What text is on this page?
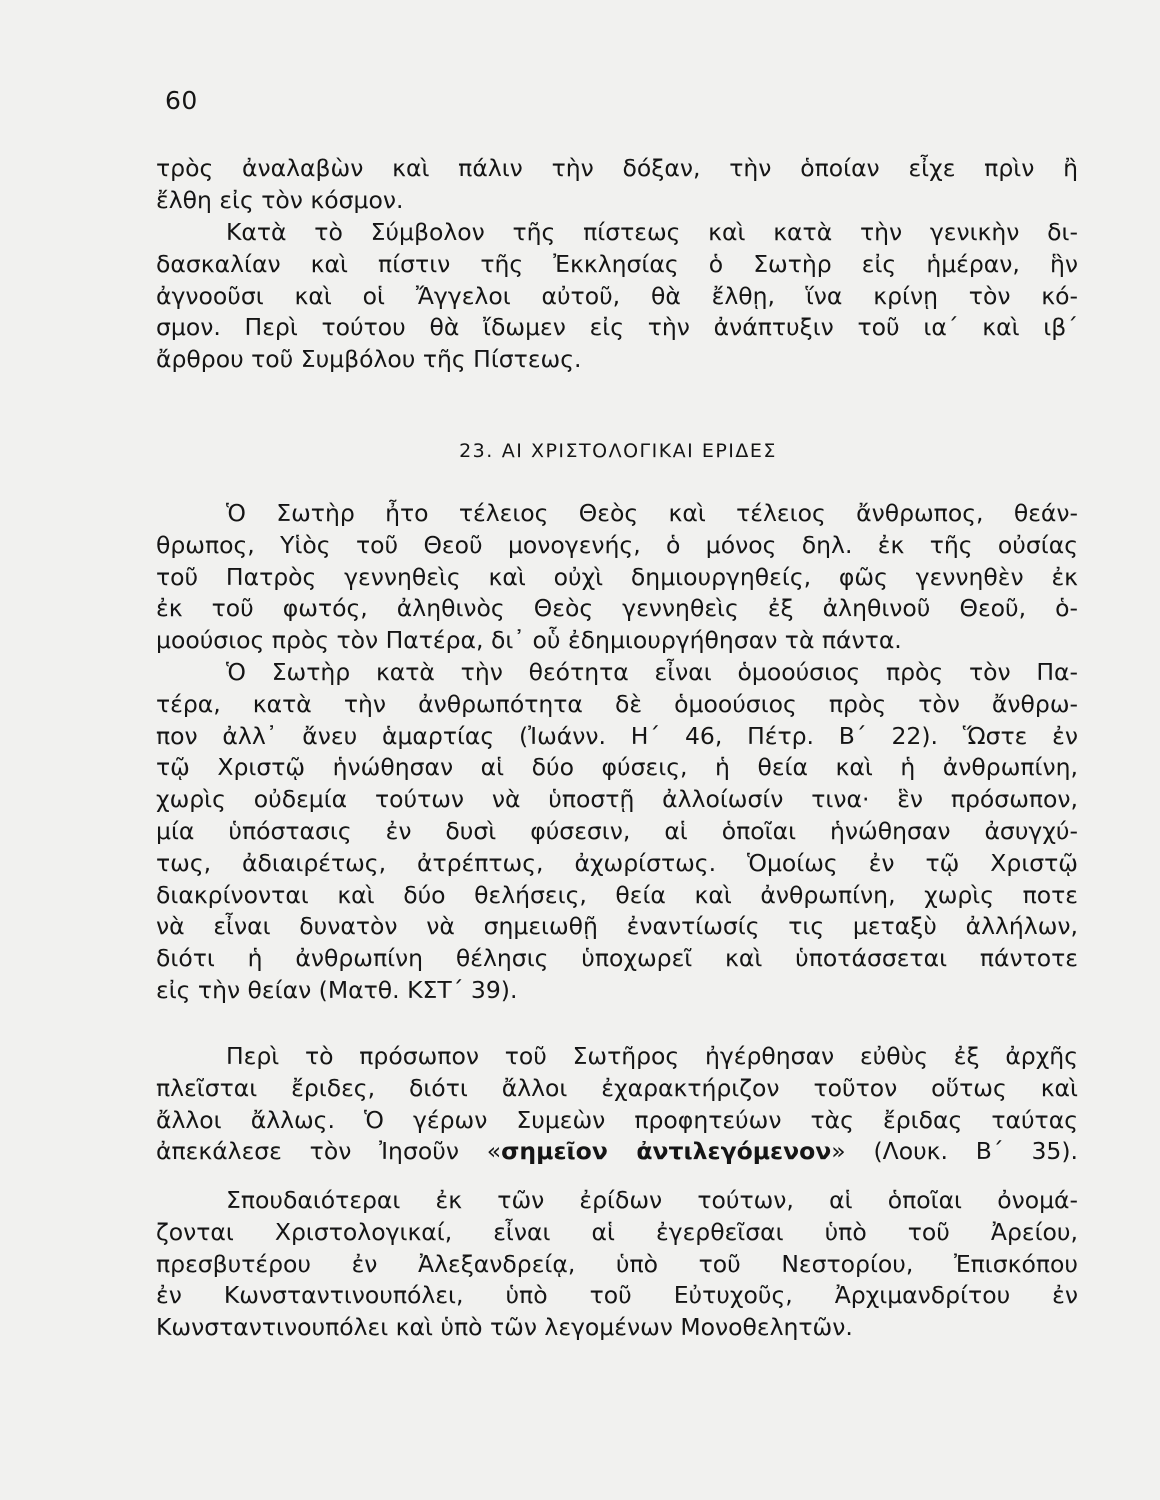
60
τρὸς ἀναλαβὼν καὶ πάλιν τὴν δόξαν, τὴν ὁποίαν εἶχε πρὶν ἢ
ἔλθη εἰς τὸν κόσμον.
Κατὰ τὸ Σύμβολον τῆς πίστεως καὶ κατὰ τὴν γενικὴν δι-
δασκαλίαν καὶ πίστιν τῆς Ἐκκλησίας ὁ Σωτὴρ εἰς ἡμέραν, ἣν
ἀγνοοῦσι καὶ οἱ Ἄγγελοι αὐτοῦ, θὰ ἔλθῃ, ἵνα κρίνῃ τὸν κό-
σμον. Περὶ τούτου θὰ ἴδωμεν εἰς τὴν ἀνάπτυξιν τοῦ ια΄ καὶ ιβ΄
ἄρθρου τοῦ Συμβόλου τῆς Πίστεως.
23. ΑΙ ΧΡΙΣΤΟΛΟΓΙΚΑΙ ΕΡΙΔΕΣ
Ὁ Σωτὴρ ἦτο τέλειος Θεὸς καὶ τέλειος ἄνθρωπος, θεάν-
θρωπος, Υἱὸς τοῦ Θεοῦ μονογενής, ὁ μόνος δηλ. ἐκ τῆς οὐσίας
τοῦ Πατρὸς γεννηθεὶς καὶ οὐχὶ δημιουργηθείς, φῶς γεννηθὲν ἐκ
ἐκ τοῦ φωτός, ἀληθινὸς Θεὸς γεννηθεὶς ἐξ ἀληθινοῦ Θεοῦ, ὁ-
μοούσιος πρὸς τὸν Πατέρα, δι᾽ οὗ ἐδημιουργήθησαν τὰ πάντα.
Ὁ Σωτὴρ κατὰ τὴν θεότητα εἶναι ὁμοούσιος πρὸς τὸν Πα-
τέρα, κατὰ τὴν ἀνθρωπότητα δὲ ὁμοούσιος πρὸς τὸν ἄνθρω-
πον ἀλλ᾽ ἄνευ ἁμαρτίας (Ἰωάνν. Η΄ 46, Πέτρ. Β΄ 22). Ὥστε ἐν
τῷ Χριστῷ ἡνώθησαν αἱ δύο φύσεις, ἡ θεία καὶ ἡ ἀνθρωπίνη,
χωρὶς οὐδεμία τούτων νὰ ὑποστῇ ἀλλοίωσίν τινα· ἓν πρόσωπον,
μία ὑπόστασις ἐν δυσὶ φύσεσιν, αἱ ὁποῖαι ἡνώθησαν ἀσυγχύ-
τως, ἀδιαιρέτως, ἀτρέπτως, ἀχωρίστως. Ὁμοίως ἐν τῷ Χριστῷ
διακρίνονται καὶ δύο θελήσεις, θεία καὶ ἀνθρωπίνη, χωρὶς ποτε
νὰ εἶναι δυνατὸν νὰ σημειωθῇ ἐναντίωσίς τις μεταξὺ ἀλλήλων,
διότι ἡ ἀνθρωπίνη θέλησις ὑποχωρεῖ καὶ ὑποτάσσεται πάντοτε
εἰς τὴν θείαν (Ματθ. ΚΣΤ΄ 39).
Περὶ τὸ πρόσωπον τοῦ Σωτῆρος ἠγέρθησαν εὐθὺς ἐξ ἀρχῆς
πλεῖσται ἔριδες, διότι ἄλλοι ἐχαρακτήριζον τοῦτον οὕτως καὶ
ἄλλοι ἄλλως. Ὁ γέρων Συμεὼν προφητεύων τὰς ἔριδας ταύτας
ἀπεκάλεσε τὸν Ἰησοῦν «σημεῖον ἀντιλεγόμενον» (Λουκ. Β΄ 35).
Σπουδαιότεραι ἐκ τῶν ἐρίδων τούτων, αἱ ὁποῖαι ὀνομά-
ζονται Χριστολογικαί, εἶναι αἱ ἐγερθεῖσαι ὑπὸ τοῦ Ἀρείου,
πρεσβυτέρου ἐν Ἀλεξανδρείᾳ, ὑπὸ τοῦ Νεστορίου, Ἐπισκόπου
ἐν Κωνσταντινουπόλει, ὑπὸ τοῦ Εὐτυχοῦς, Ἀρχιμανδρίτου ἐν
Κωνσταντινουπόλει καὶ ὑπὸ τῶν λεγομένων Μονοθελητῶν.
